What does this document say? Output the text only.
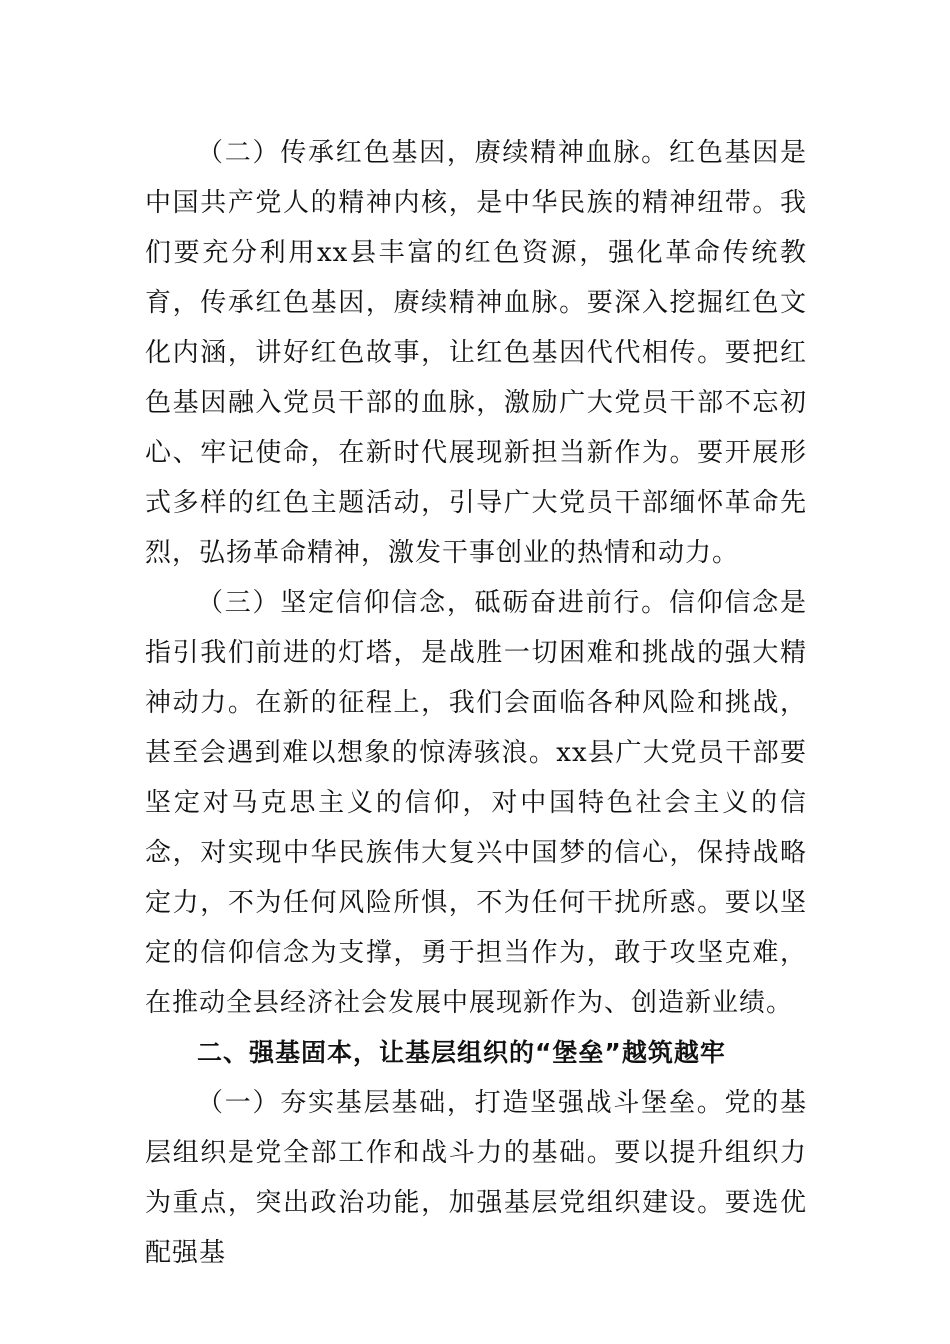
（二）传承红色基因，赓续精神血脉。红色基因是中国共产党人的精神内核，是中华民族的精神纽带。我们要充分利用xx县丰富的红色资源，强化革命传统教育，传承红色基因，赓续精神血脉。要深入挖掘红色文化内涵，讲好红色故事，让红色基因代代相传。要把红色基因融入党员干部的血脉，激励广大党员干部不忘初心、牢记使命，在新时代展现新担当新作为。要开展形式多样的红色主题活动，引导广大党员干部缅怀革命先烈，弘扬革命精神，激发干事创业的热情和动力。

（三）坚定信仰信念，砥砺奋进前行。信仰信念是指引我们前进的灯塔，是战胜一切困难和挑战的强大精神动力。在新的征程上，我们会面临各种风险和挑战，甚至会遇到难以想象的惊涛骇浪。xx县广大党员干部要坚定对马克思主义的信仰，对中国特色社会主义的信念，对实现中华民族伟大复兴中国梦的信心，保持战略定力，不为任何风险所惧，不为任何干扰所惑。要以坚定的信仰信念为支撑，勇于担当作为，敢于攻坚克难，在推动全县经济社会发展中展现新作为、创造新业绩。

二、强基固本，让基层组织的“堡垒”越筑越牢

（一）夯实基层基础，打造坚强战斗堡垒。党的基层组织是党全部工作和战斗力的基础。要以提升组织力为重点，突出政治功能，加强基层党组织建设。要选优配强基
